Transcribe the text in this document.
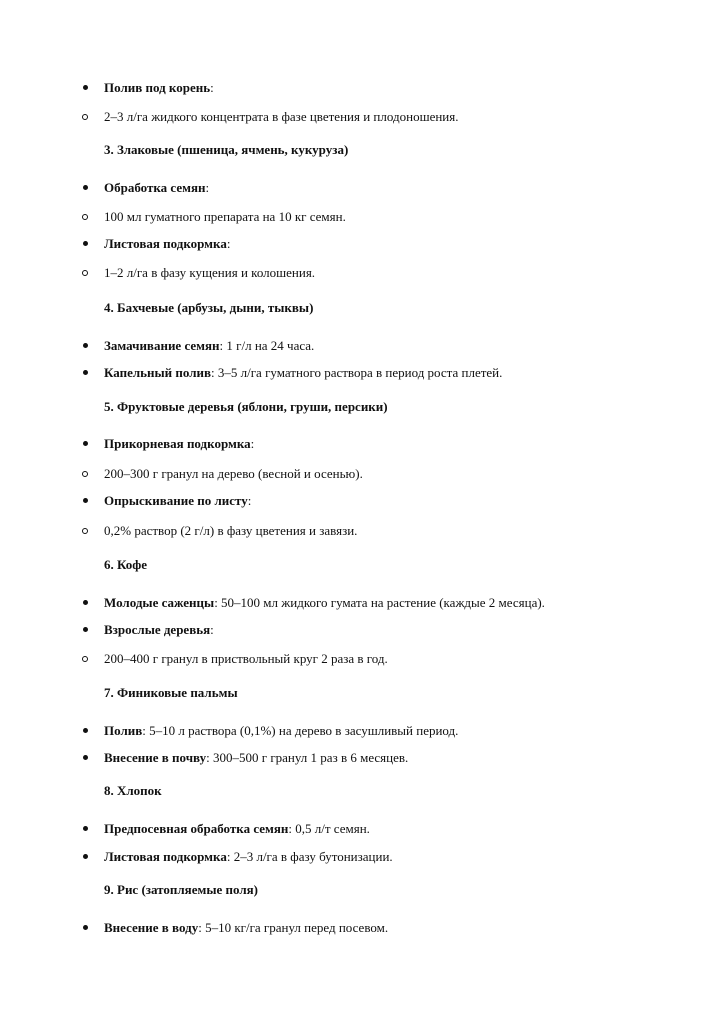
Полив под корень:
2–3 л/га жидкого концентрата в фазе цветения и плодоношения.
3. Злаковые (пшеница, ячмень, кукуруза)
Обработка семян:
100 мл гуматного препарата на 10 кг семян.
Листовая подкормка:
1–2 л/га в фазу кущения и колошения.
4. Бахчевые (арбузы, дыни, тыквы)
Замачивание семян: 1 г/л на 24 часа.
Капельный полив: 3–5 л/га гуматного раствора в период роста плетей.
5. Фруктовые деревья (яблони, груши, персики)
Прикорневая подкормка:
200–300 г гранул на дерево (весной и осенью).
Опрыскивание по листу:
0,2% раствор (2 г/л) в фазу цветения и завязи.
6. Кофе
Молодые саженцы: 50–100 мл жидкого гумата на растение (каждые 2 месяца).
Взрослые деревья:
200–400 г гранул в приствольный круг 2 раза в год.
7. Финиковые пальмы
Полив: 5–10 л раствора (0,1%) на дерево в засушливый период.
Внесение в почву: 300–500 г гранул 1 раз в 6 месяцев.
8. Хлопок
Предпосевная обработка семян: 0,5 л/т семян.
Листовая подкормка: 2–3 л/га в фазу бутонизации.
9. Рис (затопляемые поля)
Внесение в воду: 5–10 кг/га гранул перед посевом.
